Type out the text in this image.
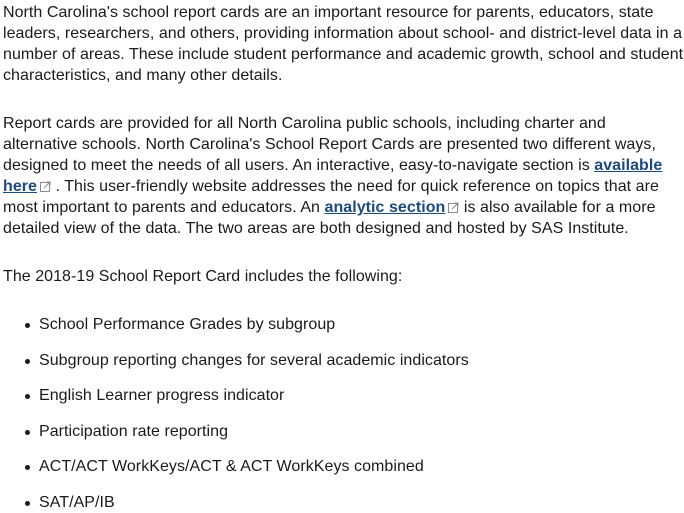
North Carolina's school report cards are an important resource for parents, educators, state leaders, researchers, and others, providing information about school- and district-level data in a number of areas. These include student performance and academic growth, school and student characteristics, and many other details.

Report cards are provided for all North Carolina public schools, including charter and alternative schools. North Carolina's School Report Cards are presented two different ways, designed to meet the needs of all users. An interactive, easy-to-navigate section is available here . This user-friendly website addresses the need for quick reference on topics that are most important to parents and educators. An analytic section is also available for a more detailed view of the data. The two areas are both designed and hosted by SAS Institute.

The 2018-19 School Report Card includes the following:

School Performance Grades by subgroup
Subgroup reporting changes for several academic indicators
English Learner progress indicator
Participation rate reporting
ACT/ACT WorkKeys/ACT & ACT WorkKeys combined
SAT/AP/IB
